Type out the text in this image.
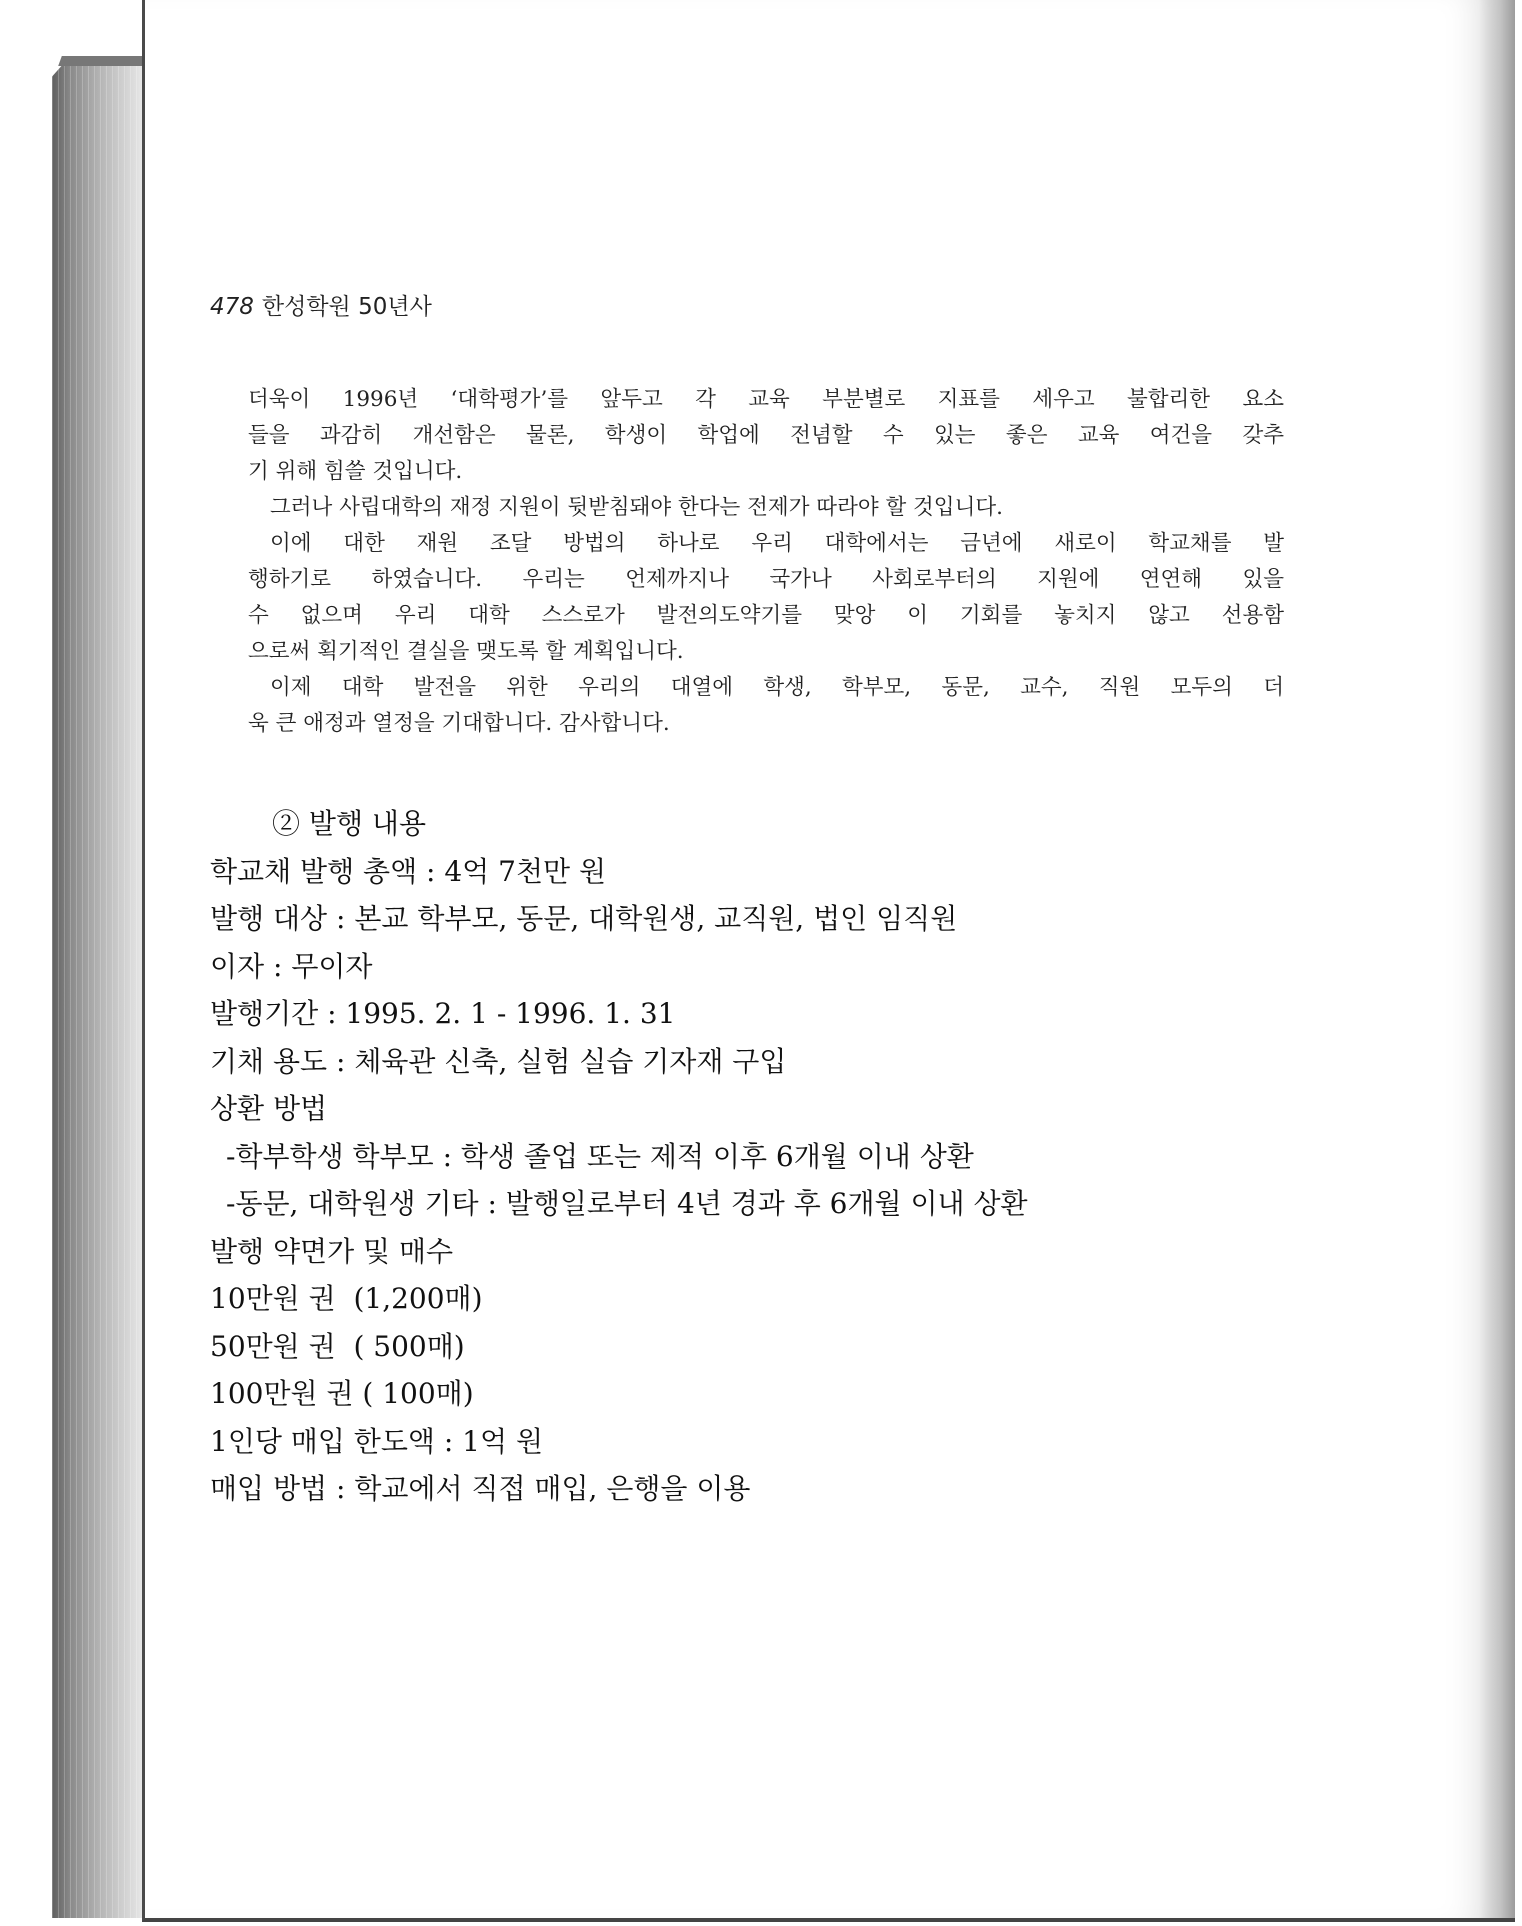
478 한성학원 50년사

더욱이 1996년 ‘대학평가’를 앞두고 각 교육 부분별로 지표를 세우고 불합리한 요소

들을 과감히 개선함은 물론, 학생이 학업에 전념할 수 있는 좋은 교육 여건을 갖추

기 위해 힘쓸 것입니다.

그러나 사립대학의 재정 지원이 뒷받침돼야 한다는 전제가 따라야 할 것입니다.

이에 대한 재원 조달 방법의 하나로 우리 대학에서는 금년에 새로이 학교채를 발

행하기로 하였습니다. 우리는 언제까지나 국가나 사회로부터의 지원에 연연해 있을

수 없으며 우리 대학 스스로가 발전의도약기를 맞앙 이 기회를 놓치지 않고 선용함

으로써 획기적인 결실을 맺도록 할 계획입니다.

이제 대학 발전을 위한 우리의 대열에 학생, 학부모, 동문, 교수, 직원 모두의 더

욱 큰 애정과 열정을 기대합니다. 감사합니다.

② 발행 내용
학교채 발행 총액 : 4억 7천만 원
발행 대상 : 본교 학부모, 동문, 대학원생, 교직원, 법인 임직원
이자 : 무이자
발행기간 : 1995. 2. 1 - 1996. 1. 31
기채 용도 : 체육관 신축, 실험 실습 기자재 구입
상환 방법
-학부학생 학부모 : 학생 졸업 또는 제적 이후 6개월 이내 상환
-동문, 대학원생 기타 : 발행일로부터 4년 경과 후 6개월 이내 상환
발행 약면가 및 매수
10만원 권  (1,200매)
50만원 권  ( 500매)
100만원 권 ( 100매)
1인당 매입 한도액 : 1억 원
매입 방법 : 학교에서 직접 매입, 은행을 이용
